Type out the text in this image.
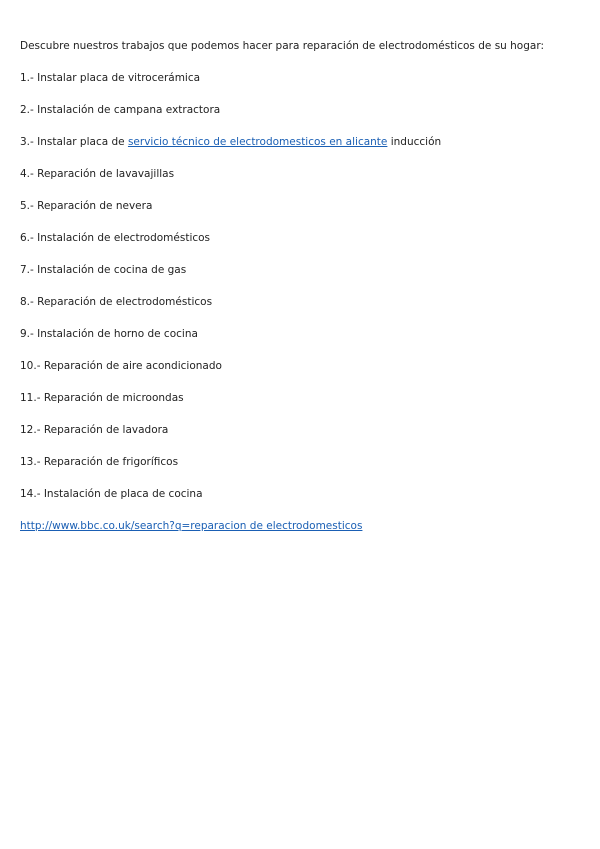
Descubre nuestros trabajos que podemos hacer para reparación de electrodomésticos de su hogar:
1.- Instalar placa de vitrocerámica
2.- Instalación de campana extractora
3.- Instalar placa de servicio técnico de electrodomesticos en alicante inducción
4.- Reparación de lavavajillas
5.- Reparación de nevera
6.- Instalación de electrodomésticos
7.- Instalación de cocina de gas
8.- Reparación de electrodomésticos
9.- Instalación de horno de cocina
10.- Reparación de aire acondicionado
11.- Reparación de microondas
12.- Reparación de lavadora
13.- Reparación de frigoríficos
14.- Instalación de placa de cocina
http://www.bbc.co.uk/search?q=reparacion de electrodomesticos
